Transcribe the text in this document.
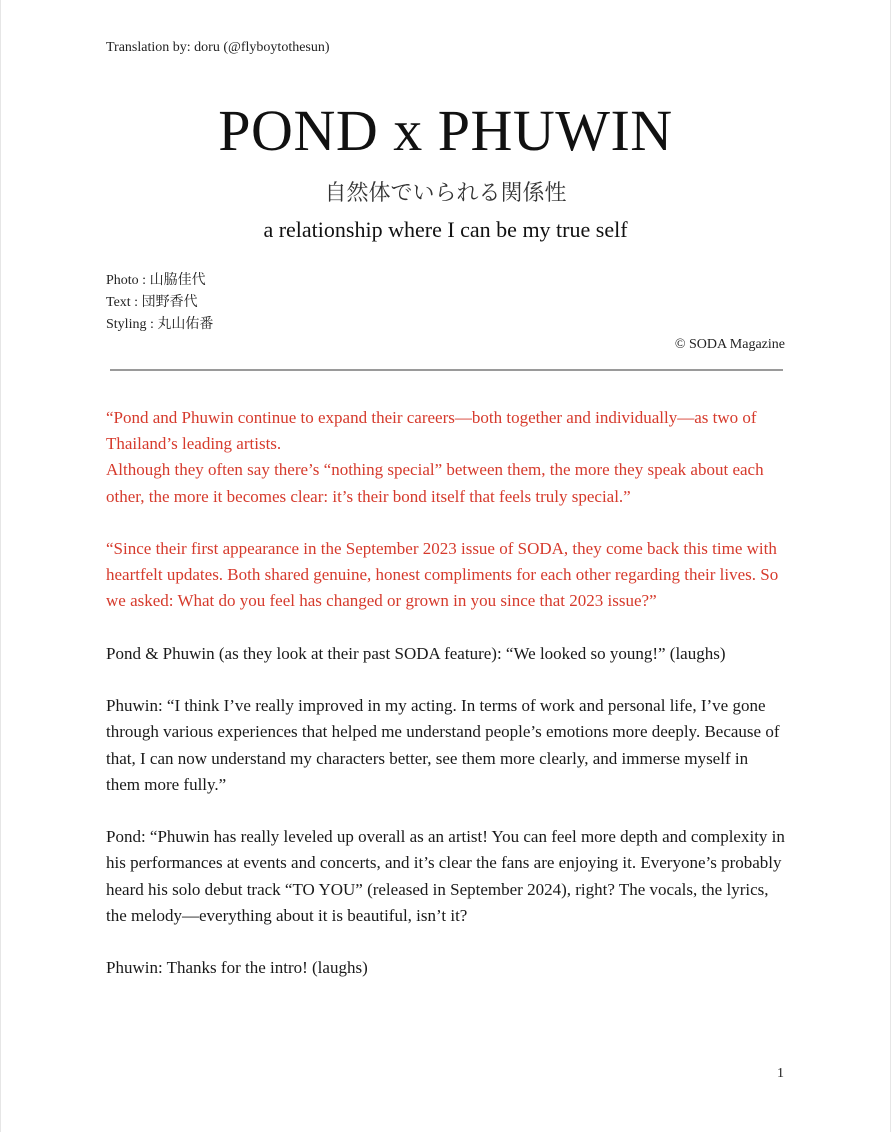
Translation by: doru (@flyboytothesun)
POND x PHUWIN
自然体でいられる関係性
a relationship where I can be my true self
Photo : 山脇佳代
Text : 団野香代
Styling : 丸山佑番
© SODA Magazine

“Pond and Phuwin continue to expand their careers—both together and individually—as two of Thailand’s leading artists.
Although they often say there’s “nothing special” between them, the more they speak about each other, the more it becomes clear: it’s their bond itself that feels truly special.”

“Since their first appearance in the September 2023 issue of SODA, they come back this time with heartfelt updates. Both shared genuine, honest compliments for each other regarding their lives. So we asked: What do you feel has changed or grown in you since that 2023 issue?”

Pond & Phuwin (as they look at their past SODA feature): “We looked so young!” (laughs)

Phuwin: “I think I’ve really improved in my acting. In terms of work and personal life, I’ve gone through various experiences that helped me understand people’s emotions more deeply. Because of that, I can now understand my characters better, see them more clearly, and immerse myself in them more fully.”

Pond: “Phuwin has really leveled up overall as an artist! You can feel more depth and complexity in his performances at events and concerts, and it’s clear the fans are enjoying it. Everyone’s probably heard his solo debut track “TO YOU” (released in September 2024), right? The vocals, the lyrics, the melody—everything about it is beautiful, isn’t it?

Phuwin: Thanks for the intro! (laughs)

1
